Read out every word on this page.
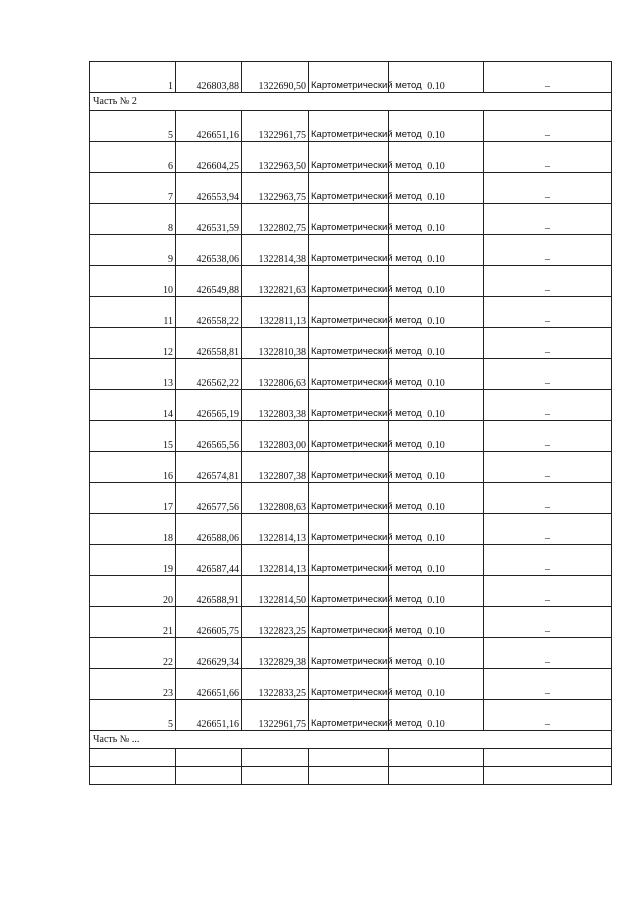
1	426803,88	1322690,50	Картометрический метод	0.10	–
Часть № 2					
5	426651,16	1322961,75	Картометрический метод	0.10	–
6	426604,25	1322963,50	Картометрический метод	0.10	–
7	426553,94	1322963,75	Картометрический метод	0.10	–
8	426531,59	1322802,75	Картометрический метод	0.10	–
9	426538,06	1322814,38	Картометрический метод	0.10	–
10	426549,88	1322821,63	Картометрический метод	0.10	–
11	426558,22	1322811,13	Картометрический метод	0.10	–
12	426558,81	1322810,38	Картометрический метод	0.10	–
13	426562,22	1322806,63	Картометрический метод	0.10	–
14	426565,19	1322803,38	Картометрический метод	0.10	–
15	426565,56	1322803,00	Картометрический метод	0.10	–
16	426574,81	1322807,38	Картометрический метод	0.10	–
17	426577,56	1322808,63	Картометрический метод	0.10	–
18	426588,06	1322814,13	Картометрический метод	0.10	–
19	426587,44	1322814,13	Картометрический метод	0.10	–
20	426588,91	1322814,50	Картометрический метод	0.10	–
21	426605,75	1322823,25	Картометрический метод	0.10	–
22	426629,34	1322829,38	Картометрический метод	0.10	–
23	426651,66	1322833,25	Картометрический метод	0.10	–
5	426651,16	1322961,75	Картометрический метод	0.10	–
Часть № ...					
